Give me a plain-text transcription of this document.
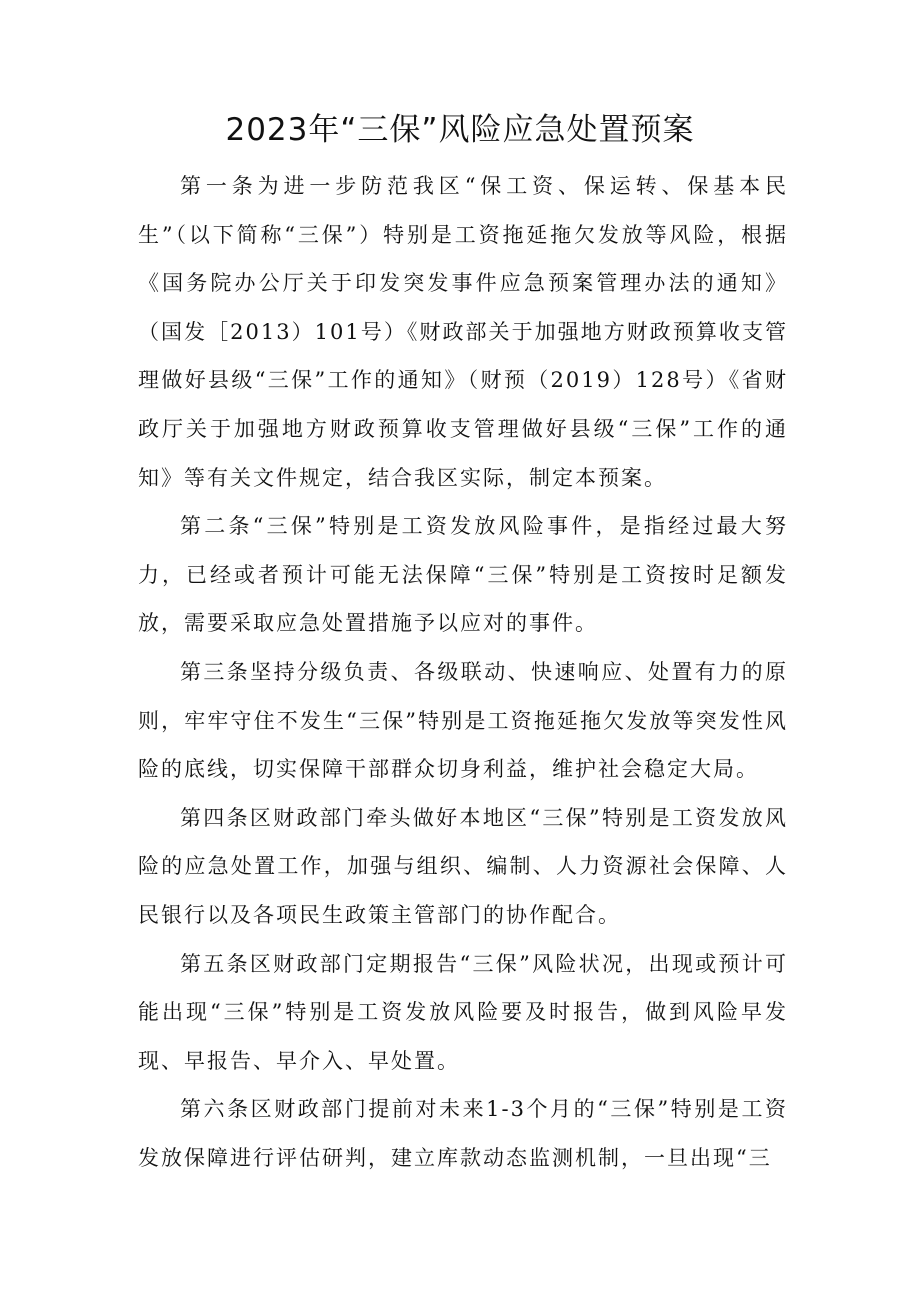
2023年“三保”风险应急处置预案

第一条为进一步防范我区“保工资、保运转、保基本民生”（以下简称“三保”）特别是工资拖延拖欠发放等风险，根据《国务院办公厅关于印发突发事件应急预案管理办法的通知》（国发［2013）101号）《财政部关于加强地方财政预算收支管理做好县级“三保”工作的通知》（财预（2019）128号）《省财政厅关于加强地方财政预算收支管理做好县级“三保”工作的通知》等有关文件规定，结合我区实际，制定本预案。

第二条“三保”特别是工资发放风险事件，是指经过最大努力，已经或者预计可能无法保障“三保”特别是工资按时足额发放，需要采取应急处置措施予以应对的事件。

第三条坚持分级负责、各级联动、快速响应、处置有力的原则，牢牢守住不发生“三保”特别是工资拖延拖欠发放等突发性风险的底线，切实保障干部群众切身利益，维护社会稳定大局。

第四条区财政部门牵头做好本地区“三保”特别是工资发放风险的应急处置工作，加强与组织、编制、人力资源社会保障、人民银行以及各项民生政策主管部门的协作配合。

第五条区财政部门定期报告“三保”风险状况，出现或预计可能出现“三保”特别是工资发放风险要及时报告，做到风险早发现、早报告、早介入、早处置。

第六条区财政部门提前对未来1-3个月的“三保”特别是工资发放保障进行评估研判，建立库款动态监测机制，一旦出现“三
